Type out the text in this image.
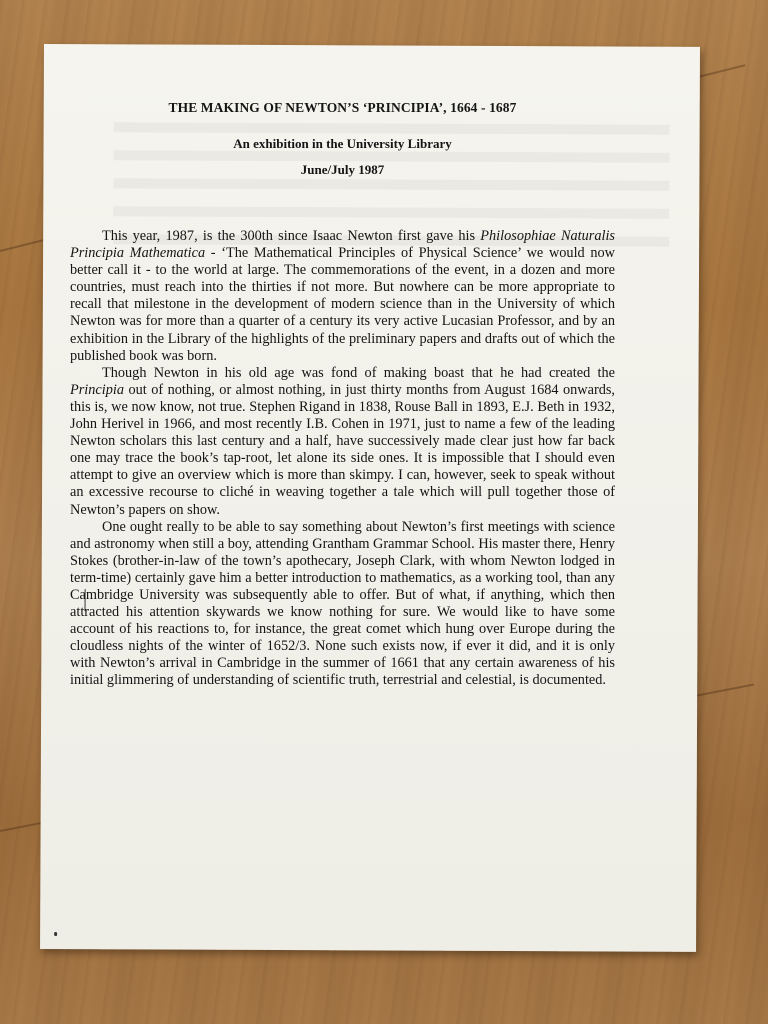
THE MAKING OF NEWTON’S ‘PRINCIPIA’, 1664 - 1687
An exhibition in the University Library
June/July 1987

This year, 1987, is the 300th since Isaac Newton first gave his Philosophiae Naturalis Principia Mathematica - ‘The Mathematical Principles of Physical Science’ we would now better call it - to the world at large. The commemorations of the event, in a dozen and more countries, must reach into the thirties if not more. But nowhere can be more appropriate to recall that milestone in the development of modern science than in the University of which Newton was for more than a quarter of a century its very active Lucasian Professor, and by an exhibition in the Library of the highlights of the preliminary papers and drafts out of which the published book was born.

Though Newton in his old age was fond of making boast that he had created the Principia out of nothing, or almost nothing, in just thirty months from August 1684 onwards, this is, we now know, not true. Stephen Rigand in 1838, Rouse Ball in 1893, E.J. Beth in 1932, John Herivel in 1966, and most recently I.B. Cohen in 1971, just to name a few of the leading Newton scholars this last century and a half, have successively made clear just how far back one may trace the book’s tap-root, let alone its side ones. It is impossible that I should even attempt to give an overview which is more than skimpy. I can, however, seek to speak without an excessive recourse to cliché in weaving together a tale which will pull together those of Newton’s papers on show.

One ought really to be able to say something about Newton’s first meetings with science and astronomy when still a boy, attending Grantham Grammar School. His master there, Henry Stokes (brother-in-law of the town’s apothecary, Joseph Clark, with whom Newton lodged in term-time) certainly gave him a better introduction to mathematics, as a working tool, than any Cambridge University was subsequently able to offer. But of what, if anything, which then attracted his attention skywards we know nothing for sure. We would like to have some account of his reactions to, for instance, the great comet which hung over Europe during the cloudless nights of the winter of 1652/3. None such exists now, if ever it did, and it is only with Newton’s arrival in Cambridge in the summer of 1661 that any certain awareness of his initial glimmering of understanding of scientific truth, terrestrial and celestial, is documented.
